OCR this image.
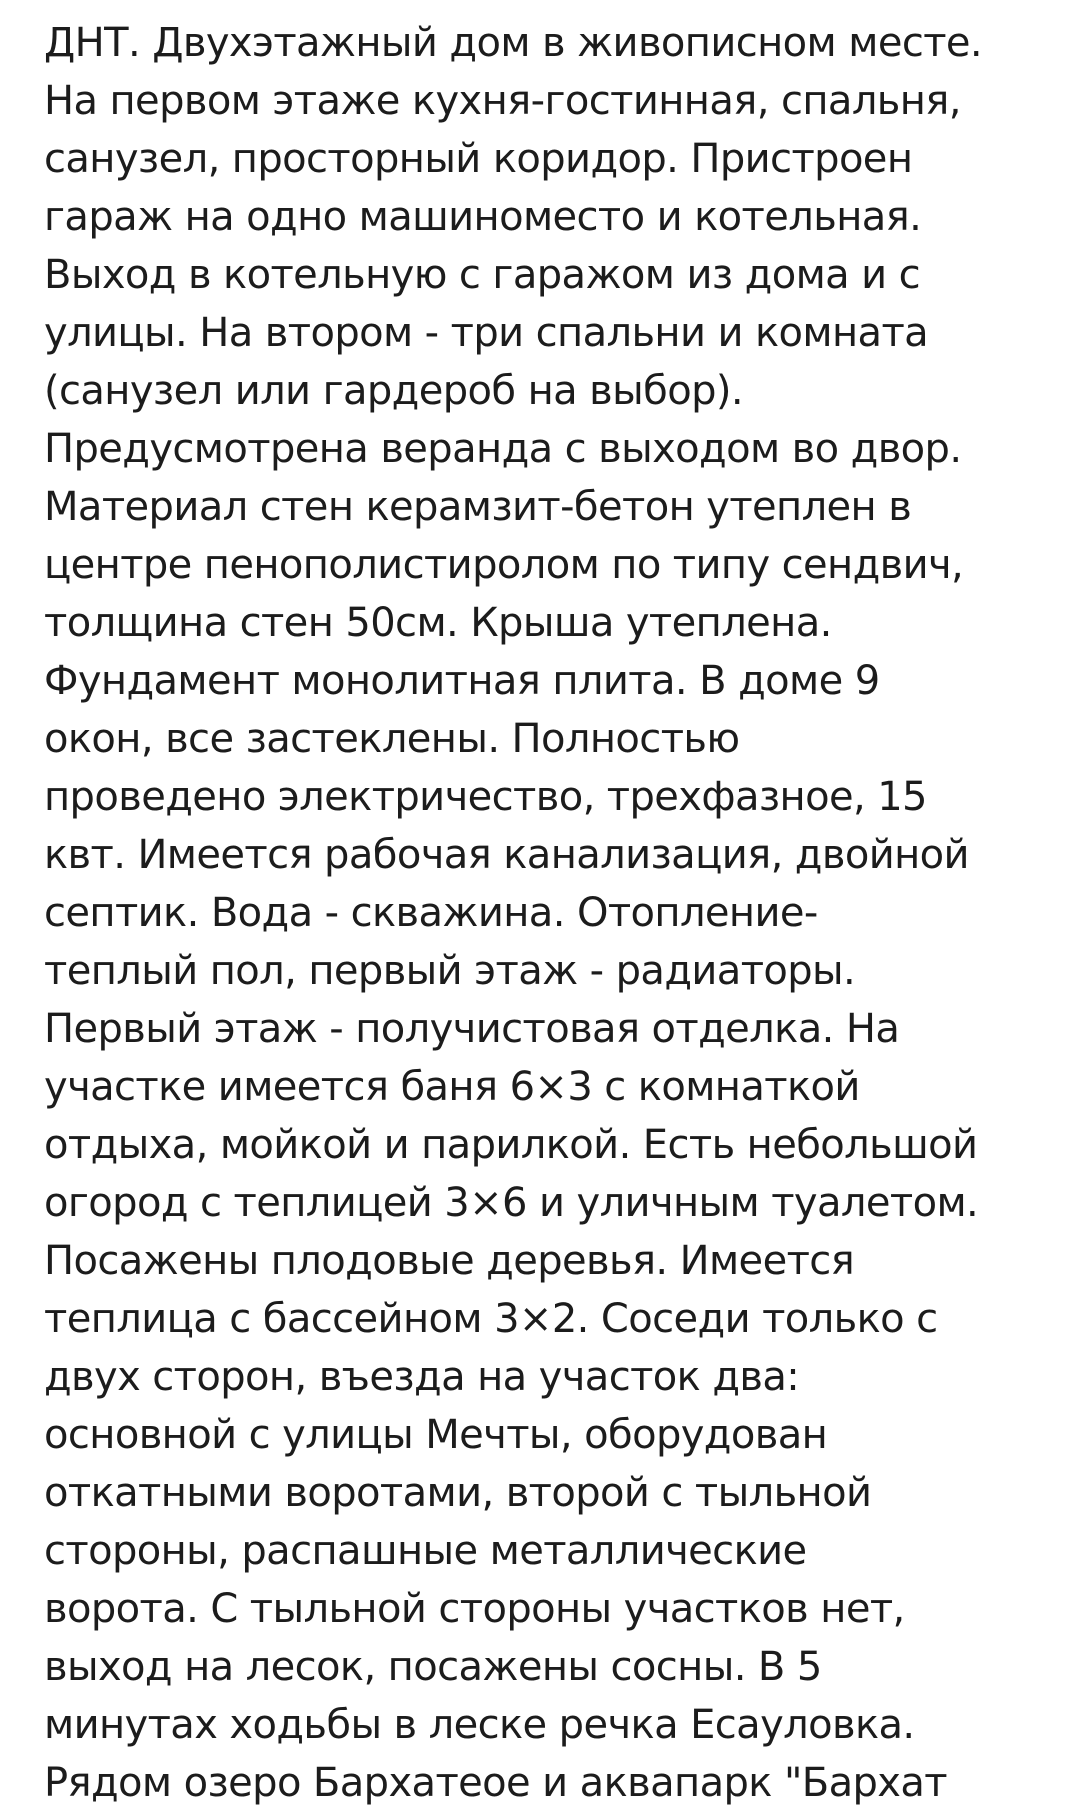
ДНТ. Двухэтажный дом в живописном месте.
На первом этаже кухня-гостинная, спальня,
санузел, просторный коридор. Пристроен
гараж на одно машиноместо и котельная.
Выход в котельную с гаражом из дома и с
улицы. На втором - три спальни и комната
(санузел или гардероб на выбор).
Предусмотрена веранда с выходом во двор.
Материал стен керамзит-бетон утеплен в
центре пенополистиролом по типу сендвич,
толщина стен 50см. Крыша утеплена.
Фундамент монолитная плита. В доме 9
окон, все застеклены. Полностью
проведено электричество, трехфазное, 15
квт. Имеется рабочая канализация, двойной
септик. Вода - скважина. Отопление-
теплый пол, первый этаж - радиаторы.
Первый этаж - получистовая отделка. На
участке имеется баня 6×3 с комнаткой
отдыха, мойкой и парилкой. Есть небольшой
огород с теплицей 3×6 и уличным туалетом.
Посажены плодовые деревья. Имеется
теплица с бассейном 3×2. Соседи только с
двух сторон, въезда на участок два:
основной с улицы Мечты, оборудован
откатными воротами, второй с тыльной
стороны, распашные металлические
ворота. С тыльной стороны участков нет,
выход на лесок, посажены сосны. В 5
минутах ходьбы в леске речка Есауловка.
Рядом озеро Бархатеое и аквапарк "Бархат
